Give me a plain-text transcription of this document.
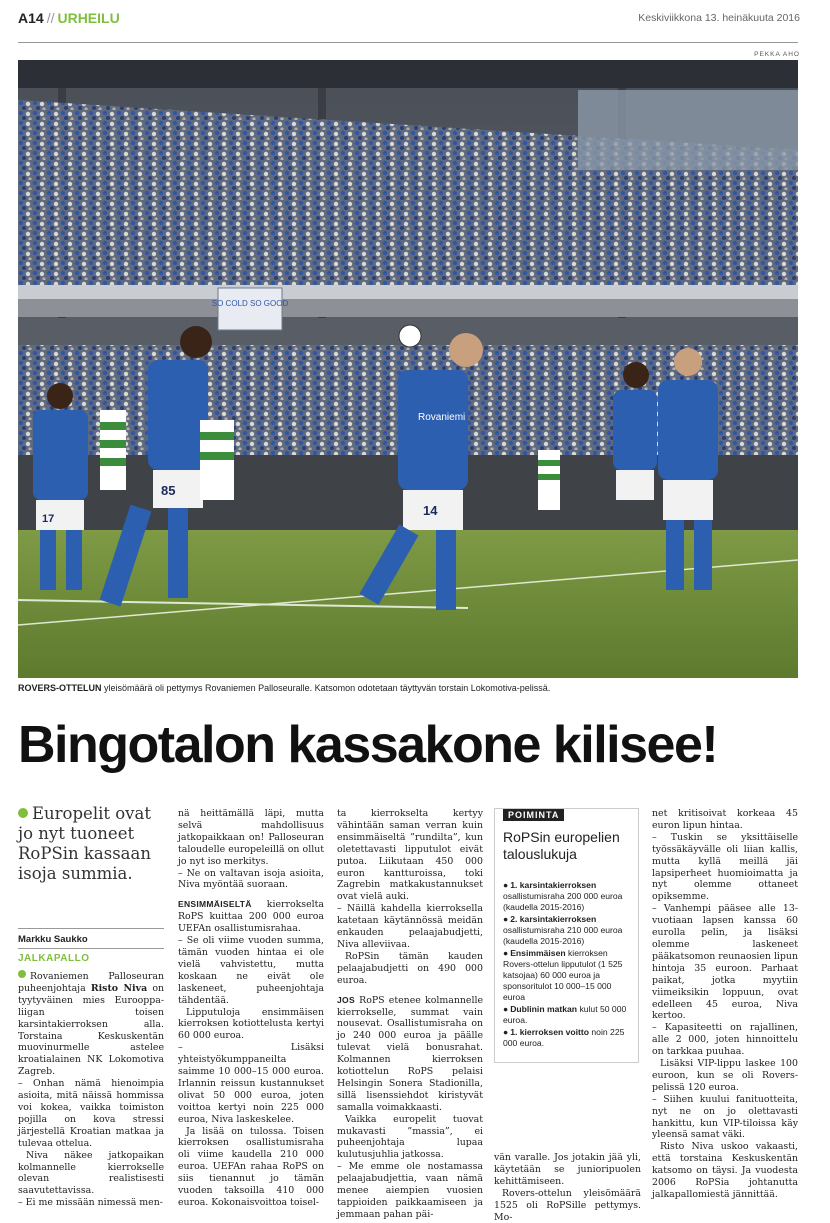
A14 // URHEILU	Keskiviikkona 13. heinäkuuta 2016
PEKKA AHO
SO COLD SO GOOD
85
14
Rovaniemi
17
ROVERS-OTTELUN yleisömäärä oli pettymys Rovaniemen Palloseuralle. Katsomon odotetaan täyttyvän torstain Lokomotiva-pelissä.
Bingotalon kassakone kilisee!
Europelit ovat jo nyt tuoneet RoPSin kassaan isoja summia.
Markku Saukko
JALKAPALLO

Rovaniemen Palloseuran puheenjohtaja Risto Niva on tyytyväinen mies Eurooppa-liigan toisen karsintakierroksen alla. Torstaina Keskuskentän muovinurmelle astelee kroatialainen NK Lokomotiva Zagreb.

– Onhan nämä hienoimpia asioita, mitä näissä hommissa voi kokea, vaikka toimiston pojilla on kova stressi järjestellä Kroatian matkaa ja tulevaa ottelua.

Niva näkee jatkopaikan kolmannelle kierrokselle olevan realistisesti saavutettavissa.

– Ei me missään nimessä men-

nä heittämällä läpi, mutta selvä mahdollisuus jatkopaikkaan on! Palloseuran taloudelle europeleillä on ollut jo nyt iso merkitys.

– Ne on valtavan isoja asioita, Niva myöntää suoraan.

ENSIMMÄISELTÄ kierrokselta RoPS kuittaa 200 000 euroa UEFAn osallistumisrahaa.

– Se oli viime vuoden summa, tämän vuoden hintaa ei ole vielä vahvistettu, mutta koskaan ne eivät ole laskeneet, puheenjohtaja tähdentää.

Lipputuloja ensimmäisen kierroksen kotiottelusta kertyi 60 000 euroa.

– Lisäksi yhteistyökumppaneilta saimme 10 000–15 000 euroa. Irlannin reissun kustannukset olivat 50 000 euroa, joten voittoa kertyi noin 225 000 euroa, Niva laskeskelee.

Ja lisää on tulossa. Toisen kierroksen osallistumisraha oli viime kaudella 210 000 euroa. UEFAn rahaa RoPS on siis tienannut jo tämän vuoden taksoilla 410 000 euroa. Kokonaisvoittoa toisel-

ta kierrokselta kertyy vähintään saman verran kuin ensimmäiseltä ”rundilta”, kun oletettavasti lipputulot eivät putoa. Liikutaan 450 000 euron kantturoissa, toki Zagrebin matkakustannukset ovat vielä auki.

– Näillä kahdella kierroksella katetaan käytännössä meidän enkauden pelaajabudjetti, Niva alleviivaa.

RoPSin tämän kauden pelaajabudjetti on 490 000 euroa.

JOS RoPS etenee kolmannelle kierrokselle, summat vain nousevat. Osallistumisraha on jo 240 000 euroa ja päälle tulevat vielä bonusrahat. Kolmannen kierroksen kotiottelun RoPS pelaisi Helsingin Sonera Stadionilla, sillä lisenssiehdot kiristyvät samalla voimakkaasti.

Vaikka europelit tuovat mukavasti ”massia”, ei puheenjohtaja lupaa kulutusjuhlia jatkossa.

– Me emme ole nostamassa pelaajabudjettia, vaan nämä menee aiempien vuosien tappioiden paikkaamiseen ja jemmaan pahan päi-

POIMINTA
RoPSin europelien talouslukuja
● 1. karsintakierroksen osallistumisraha 200 000 euroa (kaudella 2015-2016)
● 2. karsintakierroksen osallistumisraha 210 000 euroa (kaudella 2015-2016)
● Ensimmäisen kierroksen Rovers-ottelun lipputulot (1 525 katsojaa) 60 000 euroa ja sponsoritulot 10 000–15 000 euroa
● Dublinin matkan kulut 50 000 euroa.
● 1. kierroksen voitto noin 225 000 euroa.

vän varalle. Jos jotakin jää yli, käytetään se junioripuolen kehittämiseen.

Rovers-ottelun yleisömäärä 1525 oli RoPSille pettymys. Mo-

net kritisoivat korkeaa 45 euron lipun hintaa.

– Tuskin se yksittäiselle työssäkäyvälle oli liian kallis, mutta kyllä meillä jäi lapsiperheet huomioimatta ja nyt olemme ottaneet opiksemme.

– Vanhempi pääsee alle 13-vuotiaan lapsen kanssa 60 eurolla pelin, ja lisäksi olemme laskeneet pääkatsomon reunaosien lipun hintoja 35 euroon. Parhaat paikat, jotka myytiin viimeiksikin loppuun, ovat edelleen 45 euroa, Niva kertoo.

– Kapasiteetti on rajallinen, alle 2 000, joten hinnoittelu on tarkkaa puuhaa.

Lisäksi VIP-lippu laskee 100 euroon, kun se oli Rovers-pelissä 120 euroa.

– Siihen kuului fanituotteita, nyt ne on jo olettavasti hankittu, kun VIP-tiloissa käy yleensä samat väki.

Risto Niva uskoo vakaasti, että torstaina Keskuskentän katsomo on täysi. Ja vuodesta 2006 RoPSia johtanutta jalkapallomiestä jännittää.
